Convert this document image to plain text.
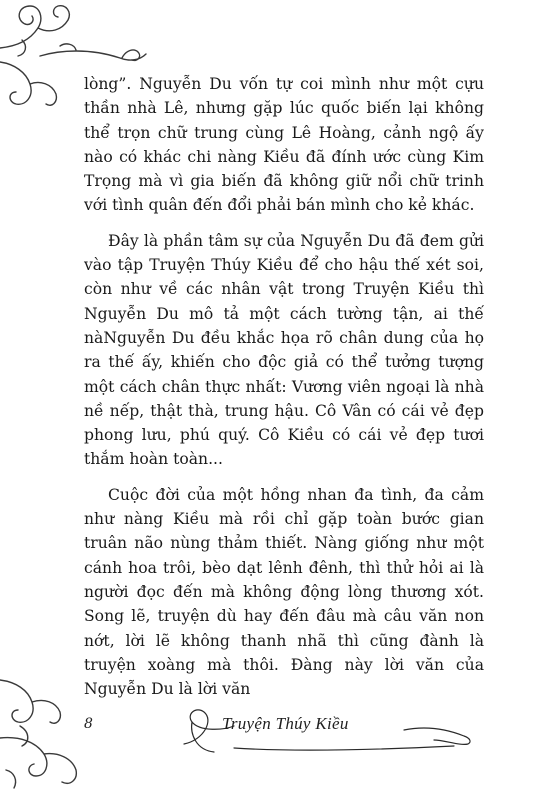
lòng”. Nguyễn Du vốn tự coi mình như một cựu thần nhà Lê, nhưng gặp lúc quốc biến lại không thể trọn chữ trung cùng Lê Hoàng, cảnh ngộ ấy nào có khác chi nàng Kiều đã đính ước cùng Kim Trọng mà vì gia biến đã không giữ nổi chữ trinh với tình quân đến đổi phải bán mình cho kẻ khác.

Đây là phần tâm sự của Nguyễn Du đã đem gửi vào tập Truyện Thúy Kiều để cho hậu thế xét soi, còn như về các nhân vật trong Truyện Kiều thì Nguyễn Du mô tả một cách tường tận, ai thế nàNguyễn Du đều khắc họa rõ chân dung của họ ra thế ấy, khiến cho độc giả có thể tưởng tượng một cách chân thực nhất: Vương viên ngoại là nhà nề nếp, thật thà, trung hậu. Cô Vân có cái vẻ đẹp phong lưu, phú quý. Cô Kiều có cái vẻ đẹp tươi thắm hoàn toàn...

Cuộc đời của một hồng nhan đa tình, đa cảm như nàng Kiều mà rồi chỉ gặp toàn bước gian truân não nùng thảm thiết. Nàng giống như một cánh hoa trôi, bèo dạt lênh đênh, thì thử hỏi ai là người đọc đến mà không động lòng thương xót. Song lẽ, truyện dù hay đến đâu mà câu văn non nớt, lời lẽ không thanh nhã thì cũng đành là truyện xoàng mà thôi. Đàng này lời văn của Nguyễn Du là lời văn

8	Truyện Thúy Kiều
